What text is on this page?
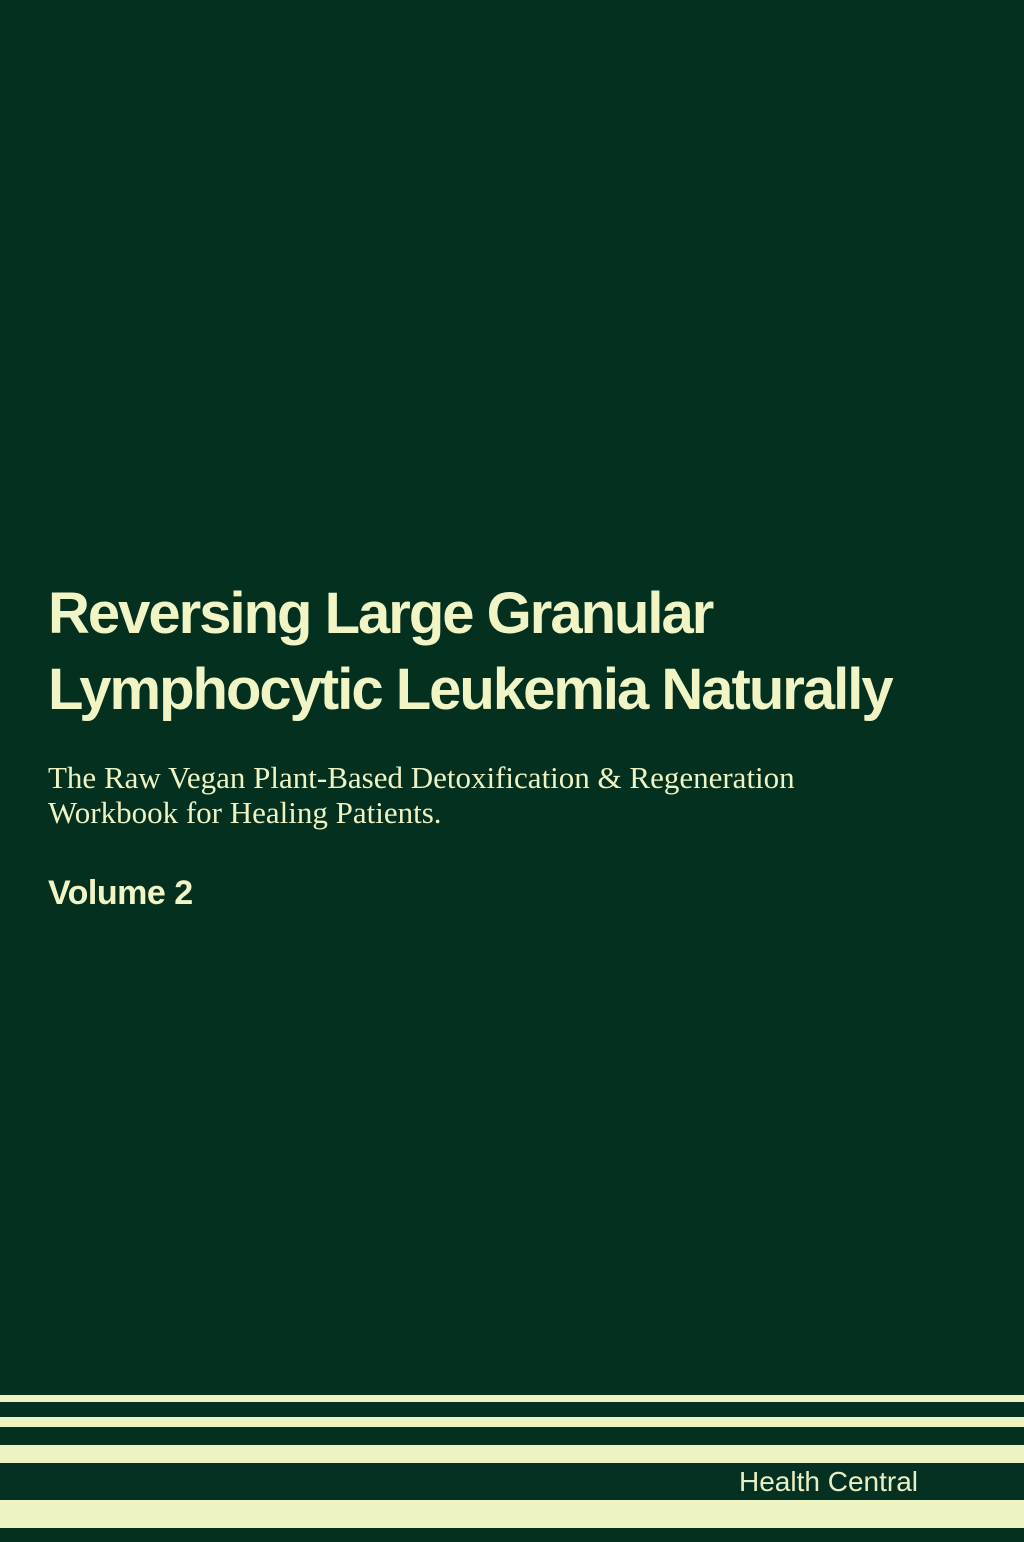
Reversing Large Granular
Lymphocytic Leukemia Naturally

The Raw Vegan Plant-Based Detoxification & Regeneration
Workbook for Healing Patients.

Volume 2
Health Central
